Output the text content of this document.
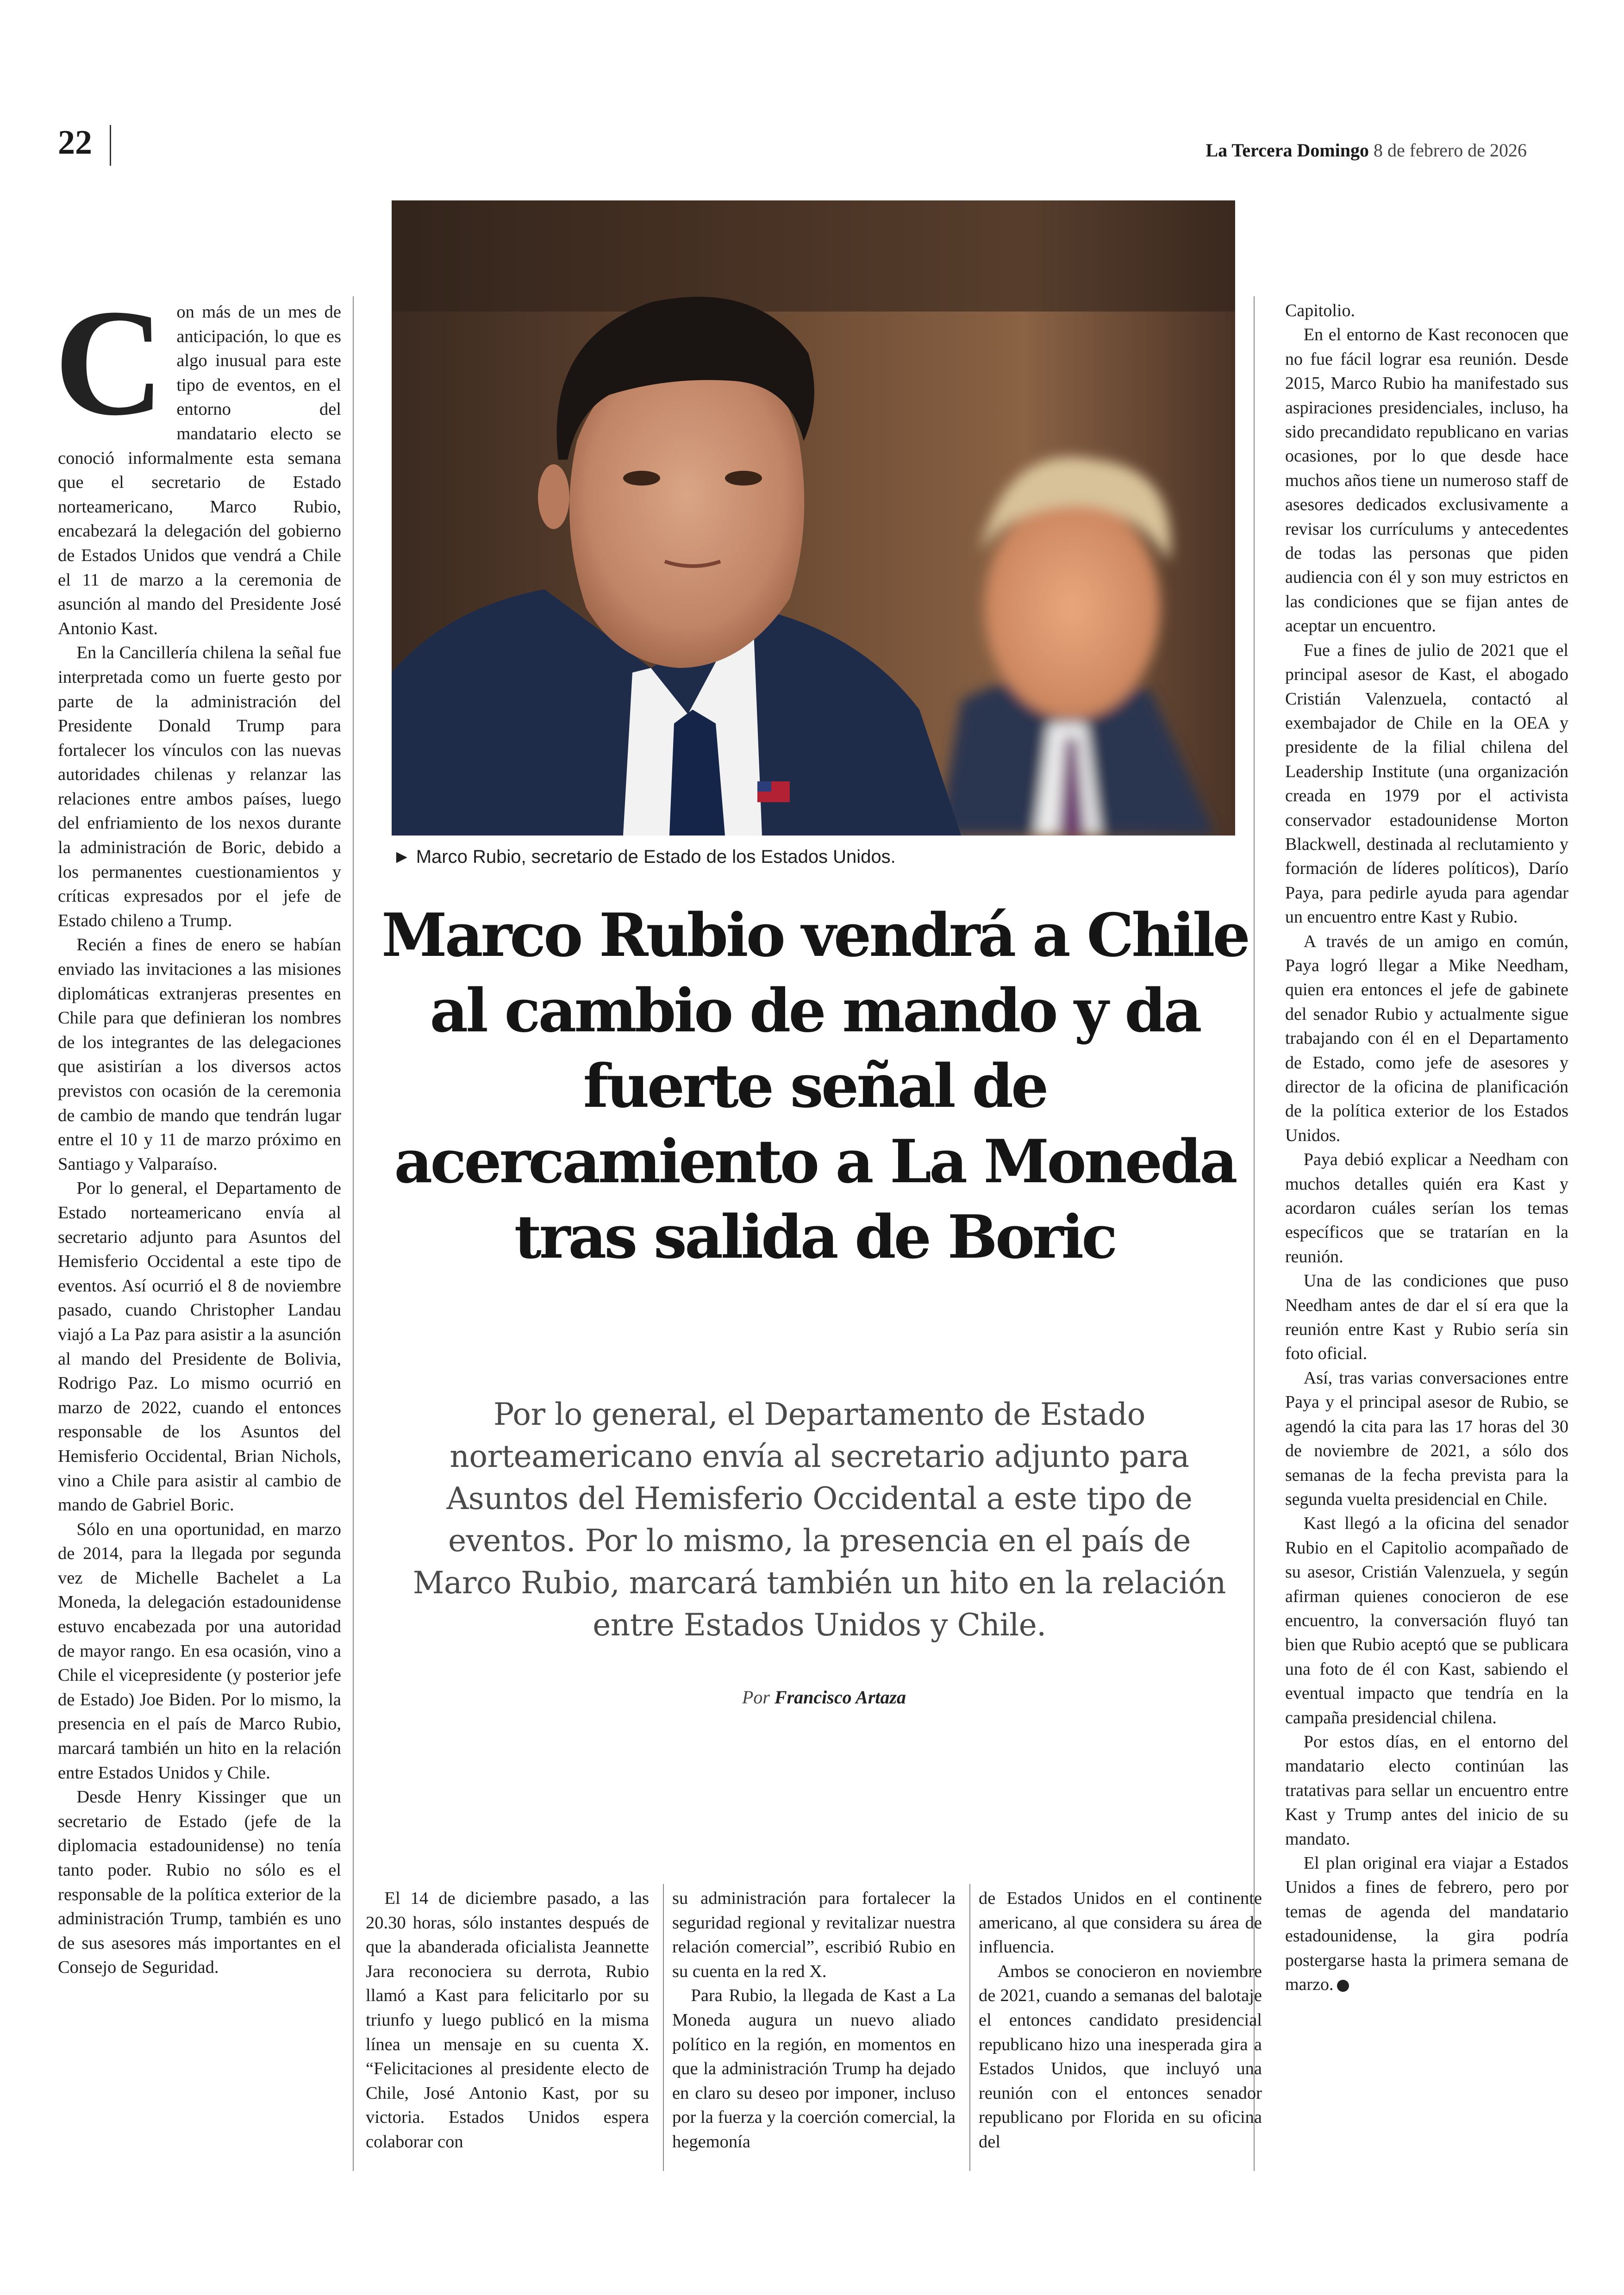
22	La Tercera Domingo 8 de febrero de 2026

Con más de un mes de anticipación, lo que es algo inusual para este tipo de eventos, en el entorno del mandatario electo se conoció informalmente esta semana que el secretario de Estado norteamericano, Marco Rubio, encabezará la delegación del gobierno de Estados Unidos que vendrá a Chile el 11 de marzo a la ceremonia de asunción al mando del Presidente José Antonio Kast.

En la Cancillería chilena la señal fue interpretada como un fuerte gesto por parte de la administración del Presidente Donald Trump para fortalecer los vínculos con las nuevas autoridades chilenas y relanzar las relaciones entre ambos países, luego del enfriamiento de los nexos durante la administración de Boric, debido a los permanentes cuestionamientos y críticas expresados por el jefe de Estado chileno a Trump.

Recién a fines de enero se habían enviado las invitaciones a las misiones diplomáticas extranjeras presentes en Chile para que definieran los nombres de los integrantes de las delegaciones que asistirían a los diversos actos previstos con ocasión de la ceremonia de cambio de mando que tendrán lugar entre el 10 y 11 de marzo próximo en Santiago y Valparaíso.

Por lo general, el Departamento de Estado norteamericano envía al secretario adjunto para Asuntos del Hemisferio Occidental a este tipo de eventos. Así ocurrió el 8 de noviembre pasado, cuando Christopher Landau viajó a La Paz para asistir a la asunción al mando del Presidente de Bolivia, Rodrigo Paz. Lo mismo ocurrió en marzo de 2022, cuando el entonces responsable de los Asuntos del Hemisferio Occidental, Brian Nichols, vino a Chile para asistir al cambio de mando de Gabriel Boric.

Sólo en una oportunidad, en marzo de 2014, para la llegada por segunda vez de Michelle Bachelet a La Moneda, la delegación estadounidense estuvo encabezada por una autoridad de mayor rango. En esa ocasión, vino a Chile el vicepresidente (y posterior jefe de Estado) Joe Biden. Por lo mismo, la presencia en el país de Marco Rubio, marcará también un hito en la relación entre Estados Unidos y Chile.

Desde Henry Kissinger que un secretario de Estado (jefe de la diplomacia estadounidense) no tenía tanto poder. Rubio no sólo es el responsable de la política exterior de la administración Trump, también es uno de sus asesores más importantes en el Consejo de Seguridad.

► Marco Rubio, secretario de Estado de los Estados Unidos.
Marco Rubio vendrá a Chile al cambio de mando y da fuerte señal de acercamiento a La Moneda tras salida de Boric
Por lo general, el Departamento de Estado norteamericano envía al secretario adjunto para Asuntos del Hemisferio Occidental a este tipo de eventos. Por lo mismo, la presencia en el país de Marco Rubio, marcará también un hito en la relación entre Estados Unidos y Chile.
Por Francisco Artaza

El 14 de diciembre pasado, a las 20.30 horas, sólo instantes después de que la abanderada oficialista Jeannette Jara reconociera su derrota, Rubio llamó a Kast para felicitarlo por su triunfo y luego publicó en la misma línea un mensaje en su cuenta X. “Felicitaciones al presidente electo de Chile, José Antonio Kast, por su victoria. Estados Unidos espera colaborar con

su administración para fortalecer la seguridad regional y revitalizar nuestra relación comercial”, escribió Rubio en su cuenta en la red X.

Para Rubio, la llegada de Kast a La Moneda augura un nuevo aliado político en la región, en momentos en que la administración Trump ha dejado en claro su deseo por imponer, incluso por la fuerza y la coerción comercial, la hegemonía

de Estados Unidos en el continente americano, al que considera su área de influencia.

Ambos se conocieron en noviembre de 2021, cuando a semanas del balotaje el entonces candidato presidencial republicano hizo una inesperada gira a Estados Unidos, que incluyó una reunión con el entonces senador republicano por Florida en su oficina del

Capitolio.

En el entorno de Kast reconocen que no fue fácil lograr esa reunión. Desde 2015, Marco Rubio ha manifestado sus aspiraciones presidenciales, incluso, ha sido precandidato republicano en varias ocasiones, por lo que desde hace muchos años tiene un numeroso staff de asesores dedicados exclusivamente a revisar los currículums y antecedentes de todas las personas que piden audiencia con él y son muy estrictos en las condiciones que se fijan antes de aceptar un encuentro.

Fue a fines de julio de 2021 que el principal asesor de Kast, el abogado Cristián Valenzuela, contactó al exembajador de Chile en la OEA y presidente de la filial chilena del Leadership Institute (una organización creada en 1979 por el activista conservador estadounidense Morton Blackwell, destinada al reclutamiento y formación de líderes políticos), Darío Paya, para pedirle ayuda para agendar un encuentro entre Kast y Rubio.

A través de un amigo en común, Paya logró llegar a Mike Needham, quien era entonces el jefe de gabinete del senador Rubio y actualmente sigue trabajando con él en el Departamento de Estado, como jefe de asesores y director de la oficina de planificación de la política exterior de los Estados Unidos.

Paya debió explicar a Needham con muchos detalles quién era Kast y acordaron cuáles serían los temas específicos que se tratarían en la reunión.

Una de las condiciones que puso Needham antes de dar el sí era que la reunión entre Kast y Rubio sería sin foto oficial.

Así, tras varias conversaciones entre Paya y el principal asesor de Rubio, se agendó la cita para las 17 horas del 30 de noviembre de 2021, a sólo dos semanas de la fecha prevista para la segunda vuelta presidencial en Chile.

Kast llegó a la oficina del senador Rubio en el Capitolio acompañado de su asesor, Cristián Valenzuela, y según afirman quienes conocieron de ese encuentro, la conversación fluyó tan bien que Rubio aceptó que se publicara una foto de él con Kast, sabiendo el eventual impacto que tendría en la campaña presidencial chilena.

Por estos días, en el entorno del mandatario electo continúan las tratativas para sellar un encuentro entre Kast y Trump antes del inicio de su mandato.

El plan original era viajar a Estados Unidos a fines de febrero, pero por temas de agenda del mandatario estadounidense, la gira podría postergarse hasta la primera semana de marzo.	●
